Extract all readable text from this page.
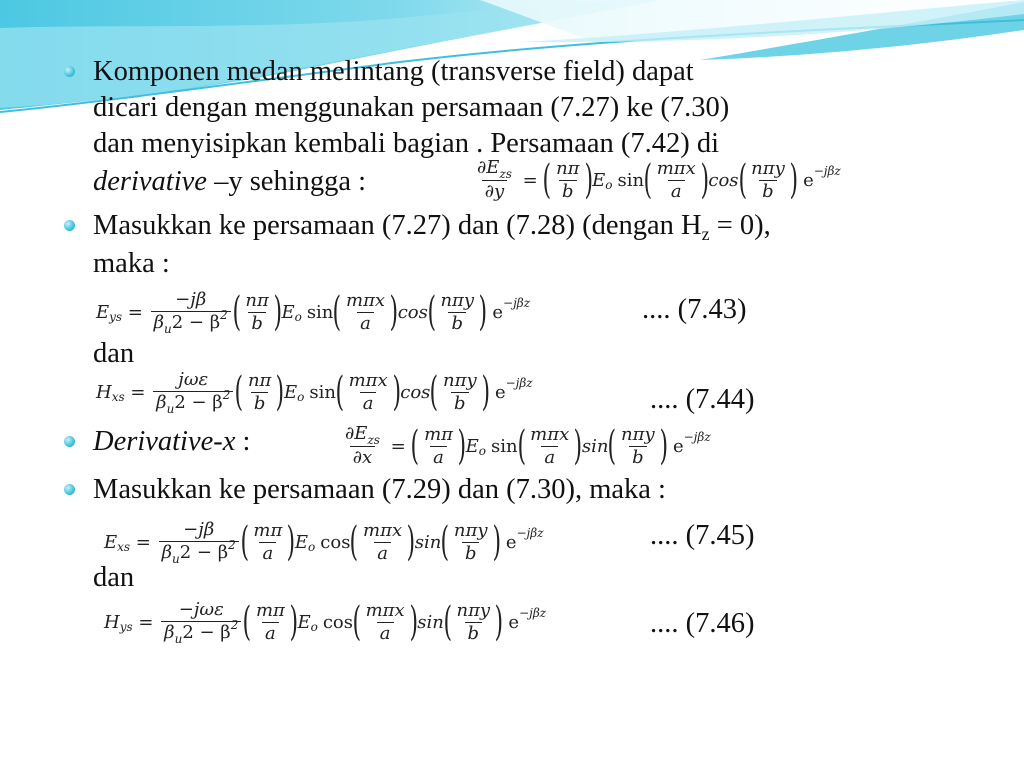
Komponen medan melintang (transverse field) dapat
dicari dengan menggunakan persamaan (7.27) ke (7.30)
dan menyisipkan kembali bagian . Persamaan (7.42) di
derivative –y sehingga :	$\frac{\partial E_{zs}}{\partial y}$ = ( $\frac{n\pi}{b}$ ) E o sin ( $\frac{\text{mπx}}{a}$ ) cos ( $\frac{\text{nπy}}{b}$ ) e −jβz
Masukkan ke persamaan (7.27) dan (7.28) (dengan $H_z = 0$),
maka :
E ys = $\frac{-j\beta}{\beta_u2 - \beta^2}$ ( $\frac{n\pi}{b}$ ) E o sin ( $\frac{\text{mπx}}{a}$ ) cos ( $\frac{\text{nπy}}{b}$ ) e −jβz	.... (7.43)
dan
H xs = $\frac{\text{jωε}}{\beta_u2 - \beta^2}$ ( $\frac{n\pi}{b}$ ) E o sin ( $\frac{\text{mπx}}{a}$ ) cos ( $\frac{\text{nπy}}{b}$ ) e −jβz
.... (7.44)
Derivative-x :	$\frac{\partial E_{zs}}{\partial x}$ = ( $\frac{m\pi}{a}$ ) E o sin ( $\frac{\text{mπx}}{a}$ ) sin ( $\frac{\text{nπy}}{b}$ ) e −jβz
Masukkan ke persamaan (7.29) dan (7.30), maka :
E xs = $\frac{-j\beta}{\beta_u2 - \beta^2}$ ( $\frac{m\pi}{a}$ ) E o cos ( $\frac{\text{mπx}}{a}$ ) sin ( $\frac{\text{nπy}}{b}$ ) e −jβz	.... (7.45)
dan
H ys = $\frac{\text{−jωε}}{\beta_u2 - \beta^2}$ ( $\frac{m\pi}{a}$ ) E o cos ( $\frac{\text{mπx}}{a}$ ) sin ( $\frac{\text{nπy}}{b}$ ) e −jβz	.... (7.46)
